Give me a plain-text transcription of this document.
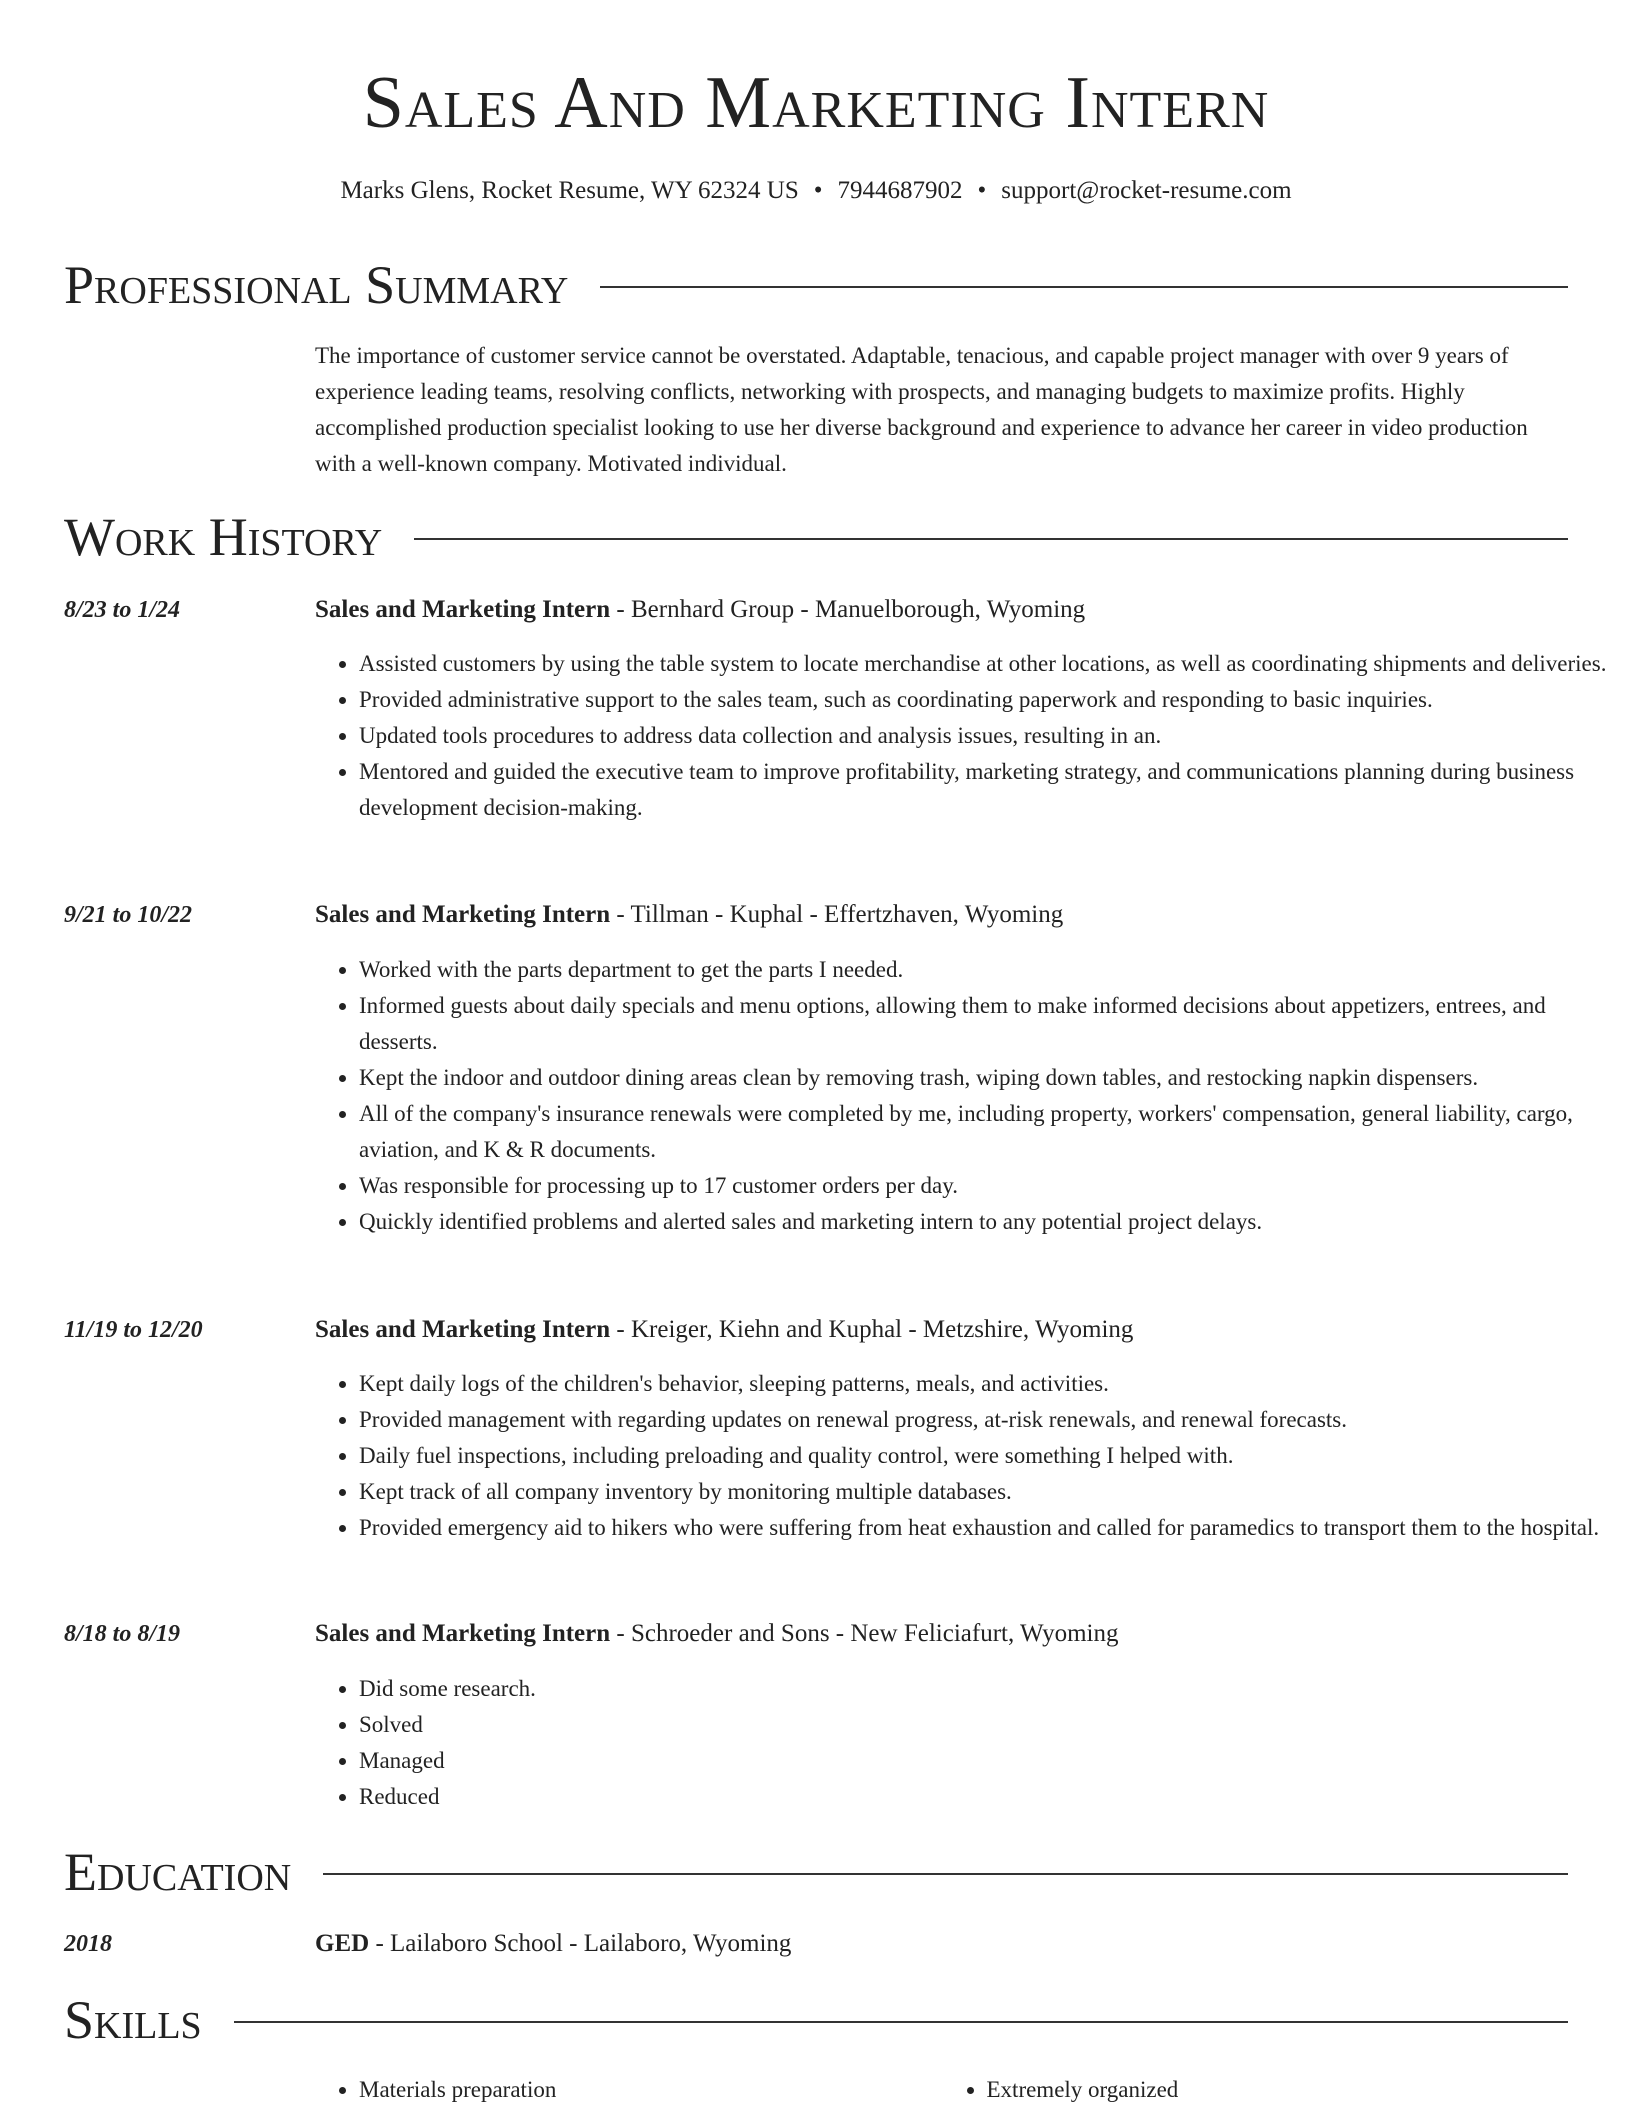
Sales And Marketing Intern
Marks Glens, Rocket Resume, WY 62324 US • 7944687902 • support@rocket-resume.com
Professional Summary
The importance of customer service cannot be overstated. Adaptable, tenacious, and capable project manager with over 9 years of experience leading teams, resolving conflicts, networking with prospects, and managing budgets to maximize profits. Highly accomplished production specialist looking to use her diverse background and experience to advance her career in video production with a well-known company. Motivated individual.
Work History
8/23 to 1/24	Sales and Marketing Intern - Bernhard Group - Manuelborough, Wyoming
• Assisted customers by using the table system to locate merchandise at other locations, as well as coordinating shipments and deliveries.
• Provided administrative support to the sales team, such as coordinating paperwork and responding to basic inquiries.
• Updated tools procedures to address data collection and analysis issues, resulting in an.
• Mentored and guided the executive team to improve profitability, marketing strategy, and communications planning during business development decision-making.
9/21 to 10/22	Sales and Marketing Intern - Tillman - Kuphal - Effertzhaven, Wyoming
• Worked with the parts department to get the parts I needed.
• Informed guests about daily specials and menu options, allowing them to make informed decisions about appetizers, entrees, and desserts.
• Kept the indoor and outdoor dining areas clean by removing trash, wiping down tables, and restocking napkin dispensers.
• All of the company's insurance renewals were completed by me, including property, workers' compensation, general liability, cargo, aviation, and K & R documents.
• Was responsible for processing up to 17 customer orders per day.
• Quickly identified problems and alerted sales and marketing intern to any potential project delays.
11/19 to 12/20	Sales and Marketing Intern - Kreiger, Kiehn and Kuphal - Metzshire, Wyoming
• Kept daily logs of the children's behavior, sleeping patterns, meals, and activities.
• Provided management with regarding updates on renewal progress, at-risk renewals, and renewal forecasts.
• Daily fuel inspections, including preloading and quality control, were something I helped with.
• Kept track of all company inventory by monitoring multiple databases.
• Provided emergency aid to hikers who were suffering from heat exhaustion and called for paramedics to transport them to the hospital.
8/18 to 8/19	Sales and Marketing Intern - Schroeder and Sons - New Feliciafurt, Wyoming
• Did some research.
• Solved
• Managed
• Reduced
Education
2018	GED - Lailaboro School - Lailaboro, Wyoming
Skills
• Materials preparation
•	Extremely organized
